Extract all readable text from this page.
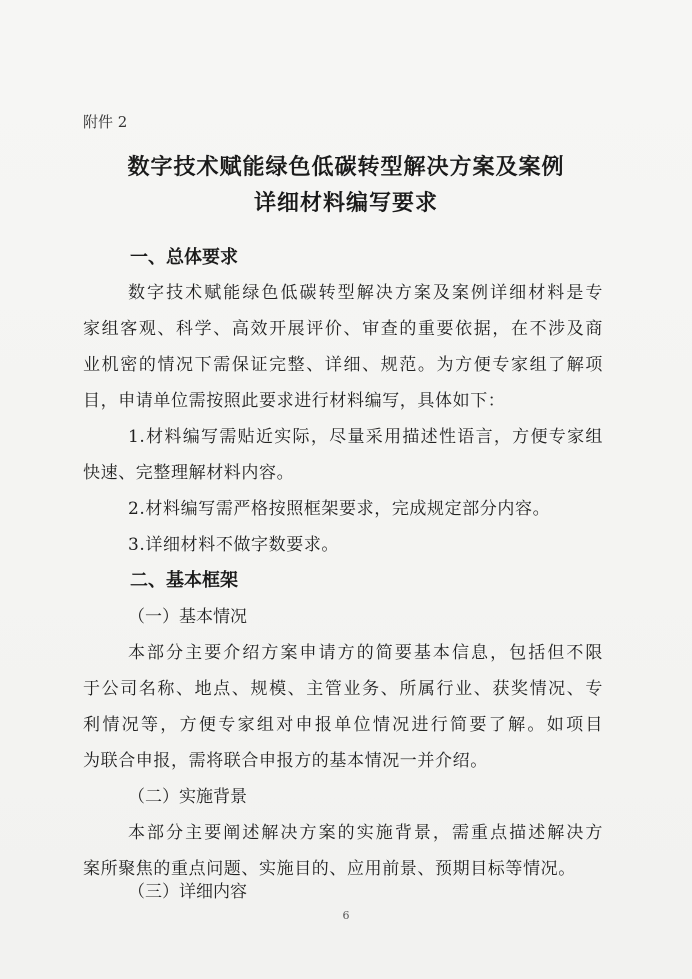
附件 2
数字技术赋能绿色低碳转型解决方案及案例
详细材料编写要求
一、总体要求
数字技术赋能绿色低碳转型解决方案及案例详细材料是专
家组客观、科学、高效开展评价、审查的重要依据，在不涉及商
业机密的情况下需保证完整、详细、规范。为方便专家组了解项
目，申请单位需按照此要求进行材料编写，具体如下：
1.材料编写需贴近实际，尽量采用描述性语言，方便专家组
快速、完整理解材料内容。
2.材料编写需严格按照框架要求，完成规定部分内容。
3.详细材料不做字数要求。
二、基本框架
（一）基本情况
本部分主要介绍方案申请方的简要基本信息，包括但不限
于公司名称、地点、规模、主管业务、所属行业、获奖情况、专
利情况等，方便专家组对申报单位情况进行简要了解。如项目
为联合申报，需将联合申报方的基本情况一并介绍。
（二）实施背景
本部分主要阐述解决方案的实施背景，需重点描述解决方
案所聚焦的重点问题、实施目的、应用前景、预期目标等情况。
（三）详细内容
6
